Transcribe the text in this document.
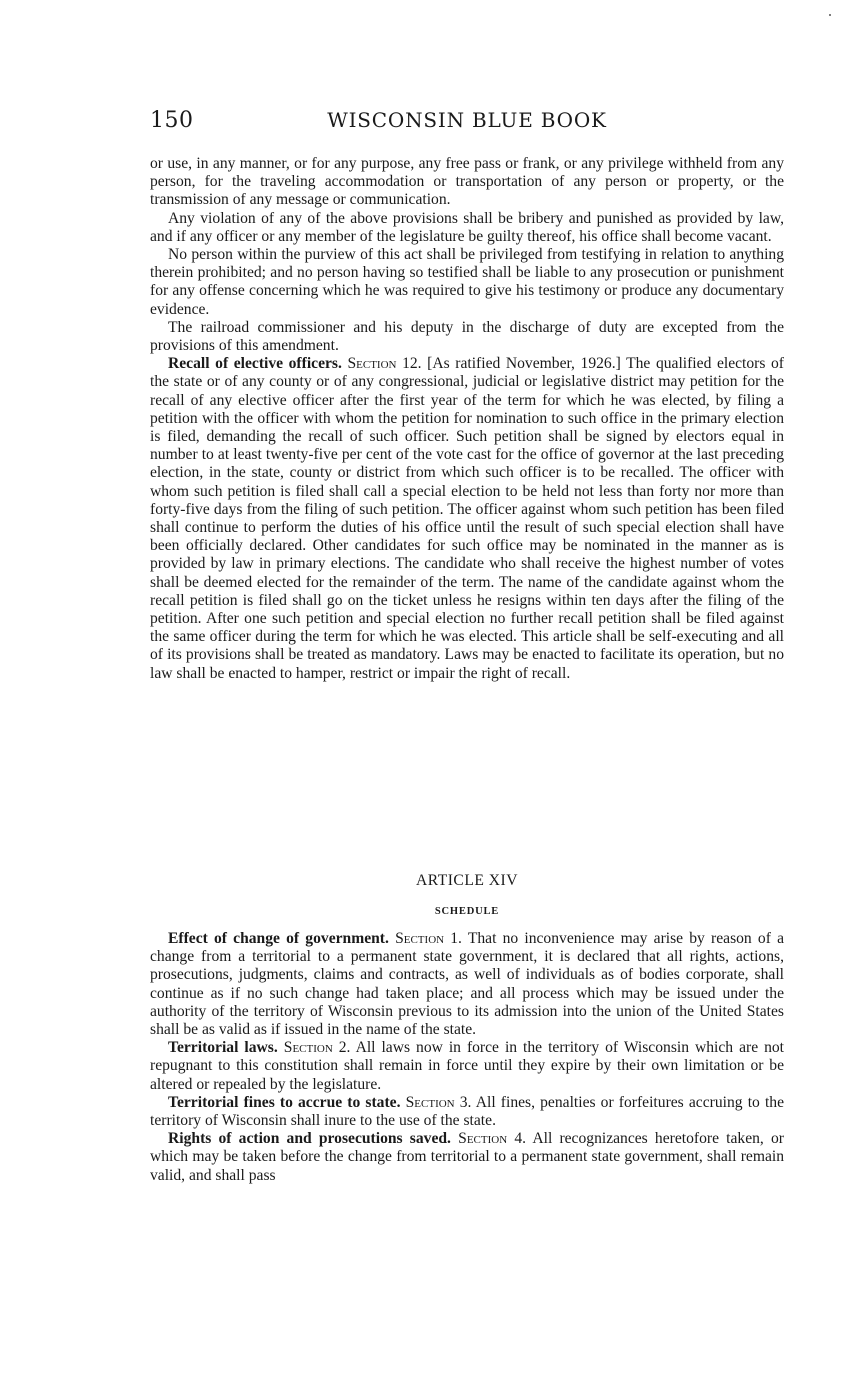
150	WISCONSIN BLUE BOOK

or use, in any manner, or for any purpose, any free pass or frank, or any privilege withheld from any person, for the traveling accommodation or transportation of any person or property, or the transmission of any message or communication.

Any violation of any of the above provisions shall be bribery and punished as provided by law, and if any officer or any member of the legislature be guilty thereof, his office shall become vacant.

No person within the purview of this act shall be privileged from testifying in relation to anything therein prohibited; and no person having so testified shall be liable to any prosecution or punishment for any offense concerning which he was required to give his testimony or produce any documentary evidence.

The railroad commissioner and his deputy in the discharge of duty are excepted from the provisions of this amendment.

Recall of elective officers. Section 12. [As ratified November, 1926.] The qualified electors of the state or of any county or of any congressional, judicial or legislative district may petition for the recall of any elective officer after the first year of the term for which he was elected, by filing a petition with the officer with whom the petition for nomination to such office in the primary election is filed, demanding the recall of such officer. Such petition shall be signed by electors equal in number to at least twenty-five per cent of the vote cast for the office of governor at the last preceding election, in the state, county or district from which such officer is to be recalled. The officer with whom such petition is filed shall call a special election to be held not less than forty nor more than forty-five days from the filing of such petition. The officer against whom such petition has been filed shall continue to perform the duties of his office until the result of such special election shall have been officially declared. Other candidates for such office may be nominated in the manner as is provided by law in primary elections. The candidate who shall receive the highest number of votes shall be deemed elected for the remainder of the term. The name of the candidate against whom the recall petition is filed shall go on the ticket unless he resigns within ten days after the filing of the petition. After one such petition and special election no further recall petition shall be filed against the same officer during the term for which he was elected. This article shall be self-executing and all of its provisions shall be treated as mandatory. Laws may be enacted to facilitate its operation, but no law shall be enacted to hamper, restrict or impair the right of recall.

ARTICLE XIV
SCHEDULE

Effect of change of government. Section 1. That no inconvenience may arise by reason of a change from a territorial to a permanent state government, it is declared that all rights, actions, prosecutions, judgments, claims and contracts, as well of individuals as of bodies corporate, shall continue as if no such change had taken place; and all process which may be issued under the authority of the territory of Wisconsin previous to its admission into the union of the United States shall be as valid as if issued in the name of the state.

Territorial laws. Section 2. All laws now in force in the territory of Wisconsin which are not repugnant to this constitution shall remain in force until they expire by their own limitation or be altered or repealed by the legislature.

Territorial fines to accrue to state. Section 3. All fines, penalties or forfeitures accruing to the territory of Wisconsin shall inure to the use of the state.

Rights of action and prosecutions saved. Section 4. All recognizances heretofore taken, or which may be taken before the change from territorial to a permanent state government, shall remain valid, and shall pass
